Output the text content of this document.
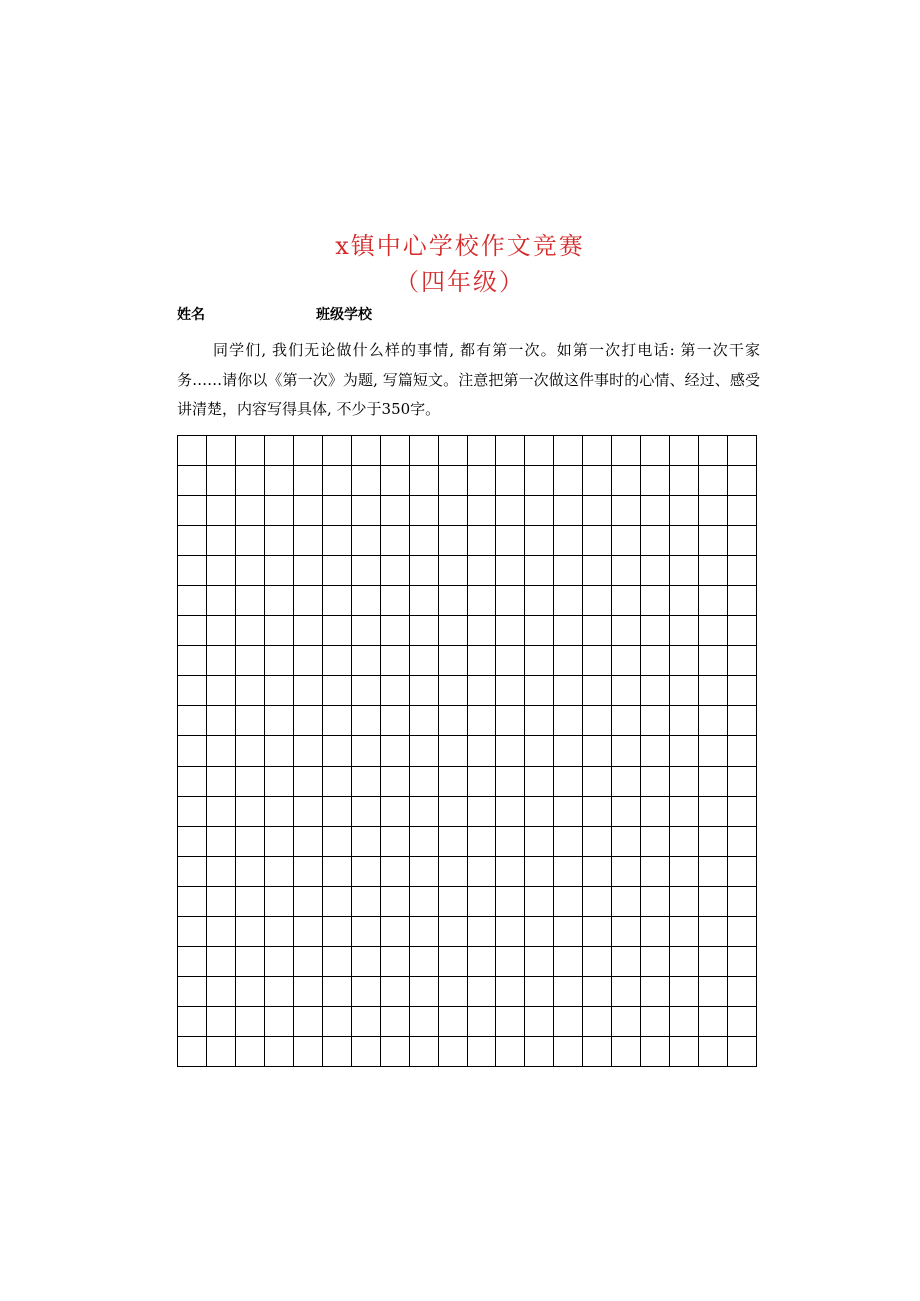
x镇中心学校作文竞赛
（四年级）
姓名	班级学校

同学们, 我们无论做什么样的事情, 都有第一次。如第一次打电话: 第一次干家务……请你以《第一次》为题, 写篇短文。注意把第一次做这件事时的心情、经过、感受讲清楚，内容写得具体, 不少于350字。
